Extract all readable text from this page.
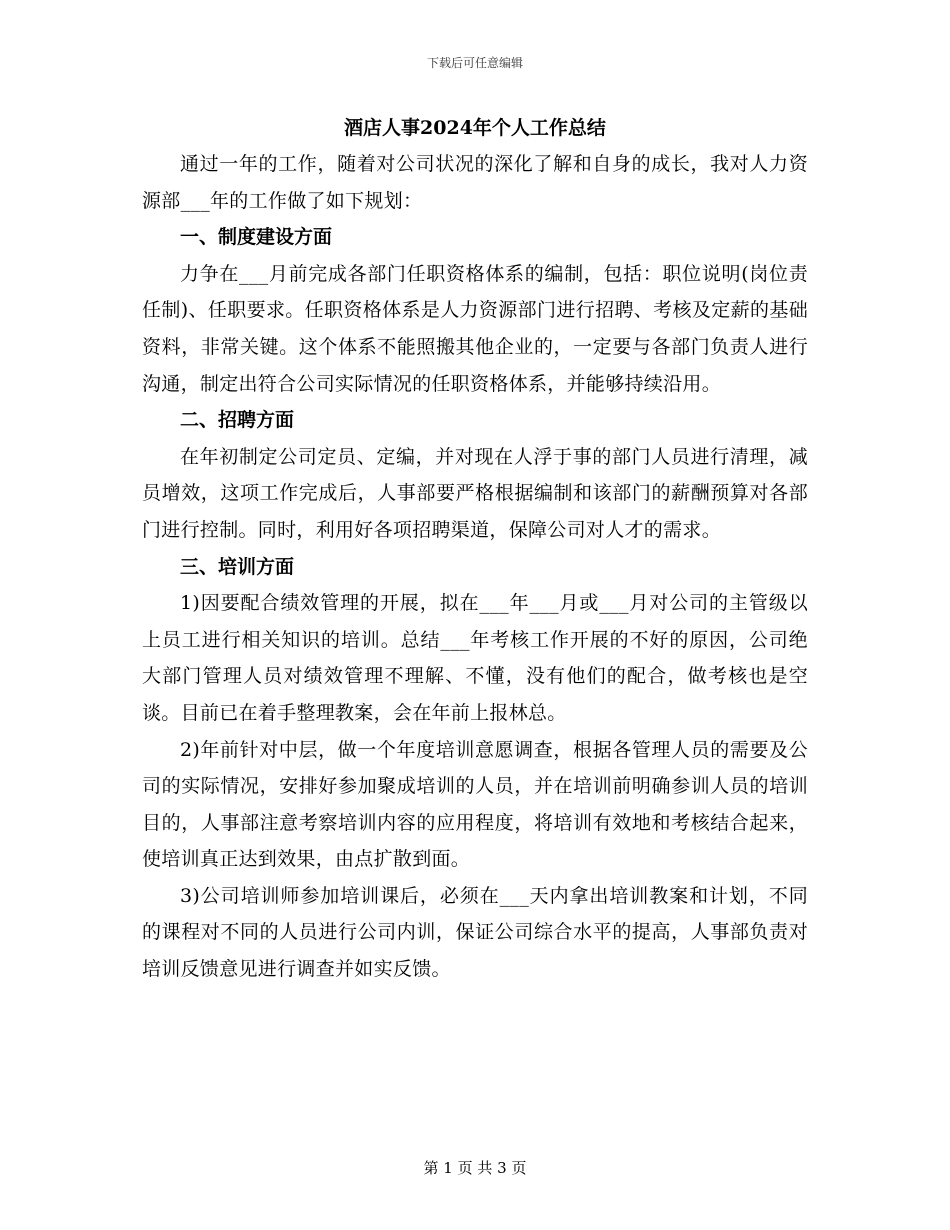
下载后可任意编辑
酒店人事2024年个人工作总结

通过一年的工作，随着对公司状况的深化了解和自身的成长，我对人力资源部___年的工作做了如下规划：

一、制度建设方面

力争在___月前完成各部门任职资格体系的编制，包括：职位说明(岗位责任制)、任职要求。任职资格体系是人力资源部门进行招聘、考核及定薪的基础资料，非常关键。这个体系不能照搬其他企业的，一定要与各部门负责人进行沟通，制定出符合公司实际情况的任职资格体系，并能够持续沿用。

二、招聘方面

在年初制定公司定员、定编，并对现在人浮于事的部门人员进行清理，减员增效，这项工作完成后，人事部要严格根据编制和该部门的薪酬预算对各部门进行控制。同时，利用好各项招聘渠道，保障公司对人才的需求。

三、培训方面

1)因要配合绩效管理的开展，拟在___年___月或___月对公司的主管级以上员工进行相关知识的培训。总结___年考核工作开展的不好的原因，公司绝大部门管理人员对绩效管理不理解、不懂，没有他们的配合，做考核也是空谈。目前已在着手整理教案，会在年前上报林总。

2)年前针对中层，做一个年度培训意愿调查，根据各管理人员的需要及公司的实际情况，安排好参加聚成培训的人员，并在培训前明确参训人员的培训目的，人事部注意考察培训内容的应用程度，将培训有效地和考核结合起来，使培训真正达到效果，由点扩散到面。

3)公司培训师参加培训课后，必须在___天内拿出培训教案和计划，不同的课程对不同的人员进行公司内训，保证公司综合水平的提高，人事部负责对培训反馈意见进行调查并如实反馈。

第 1 页 共 3 页
